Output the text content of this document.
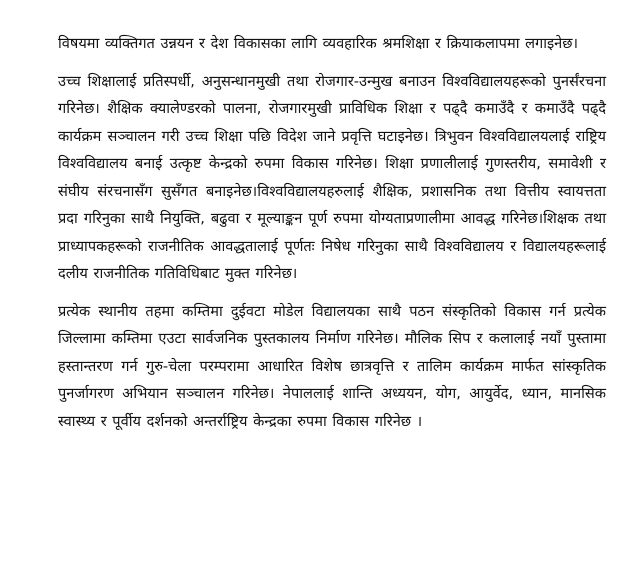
विषयमा व्यक्तिगत उन्नयन र देश विकासका लागि व्यवहारिक श्रमशिक्षा र क्रियाकलापमा लगाइनेछ।

उच्च शिक्षालाई प्रतिस्पर्धी, अनुसन्धानमुखी तथा रोजगार-उन्मुख बनाउन विश्वविद्यालयहरूको पुनर्संरचना गरिनेछ। शैक्षिक क्यालेण्डरको पालना, रोजगारमुखी प्राविधिक शिक्षा र पढ्दै कमाउँदै र कमाउँदै पढ्दै कार्यक्रम सञ्चालन गरी उच्च शिक्षा पछि विदेश जाने प्रवृत्ति घटाइनेछ। त्रिभुवन विश्वविद्यालयलाई राष्ट्रिय विश्वविद्यालय बनाई उत्कृष्ट केन्द्रको रुपमा विकास गरिनेछ। शिक्षा प्रणालीलाई गुणस्तरीय, समावेशी र संघीय संरचनासँग सुसँगत बनाइनेछ।विश्वविद्यालयहरुलाई शैक्षिक, प्रशासनिक तथा वित्तीय स्वायत्तता प्रदा गरिनुका साथै नियुक्ति, बढुवा र मूल्याङ्कन पूर्ण रुपमा योग्यताप्रणालीमा आवद्ध गरिनेछ।शिक्षक तथा प्राध्यापकहरूको राजनीतिक आवद्धतालाई पूर्णतः निषेध गरिनुका साथै विश्वविद्यालय र विद्यालयहरूलाई दलीय राजनीतिक गतिविधिबाट मुक्त गरिनेछ।

प्रत्येक स्थानीय तहमा कम्तिमा दुईवटा मोडेल विद्यालयका साथै पठन संस्कृतिको विकास गर्न प्रत्येक जिल्लामा कम्तिमा एउटा सार्वजनिक पुस्तकालय निर्माण गरिनेछ। मौलिक सिप र कलालाई नयाँ पुस्तामा हस्तान्तरण गर्न गुरु-चेला परम्परामा आधारित विशेष छात्रवृत्ति र तालिम कार्यक्रम मार्फत सांस्कृतिक पुनर्जागरण अभियान सञ्चालन गरिनेछ। नेपाललाई शान्ति अध्ययन, योग, आयुर्वेद, ध्यान, मानसिक स्वास्थ्य र पूर्वीय दर्शनको अन्तर्राष्ट्रिय केन्द्रका रुपमा विकास गरिनेछ ।
